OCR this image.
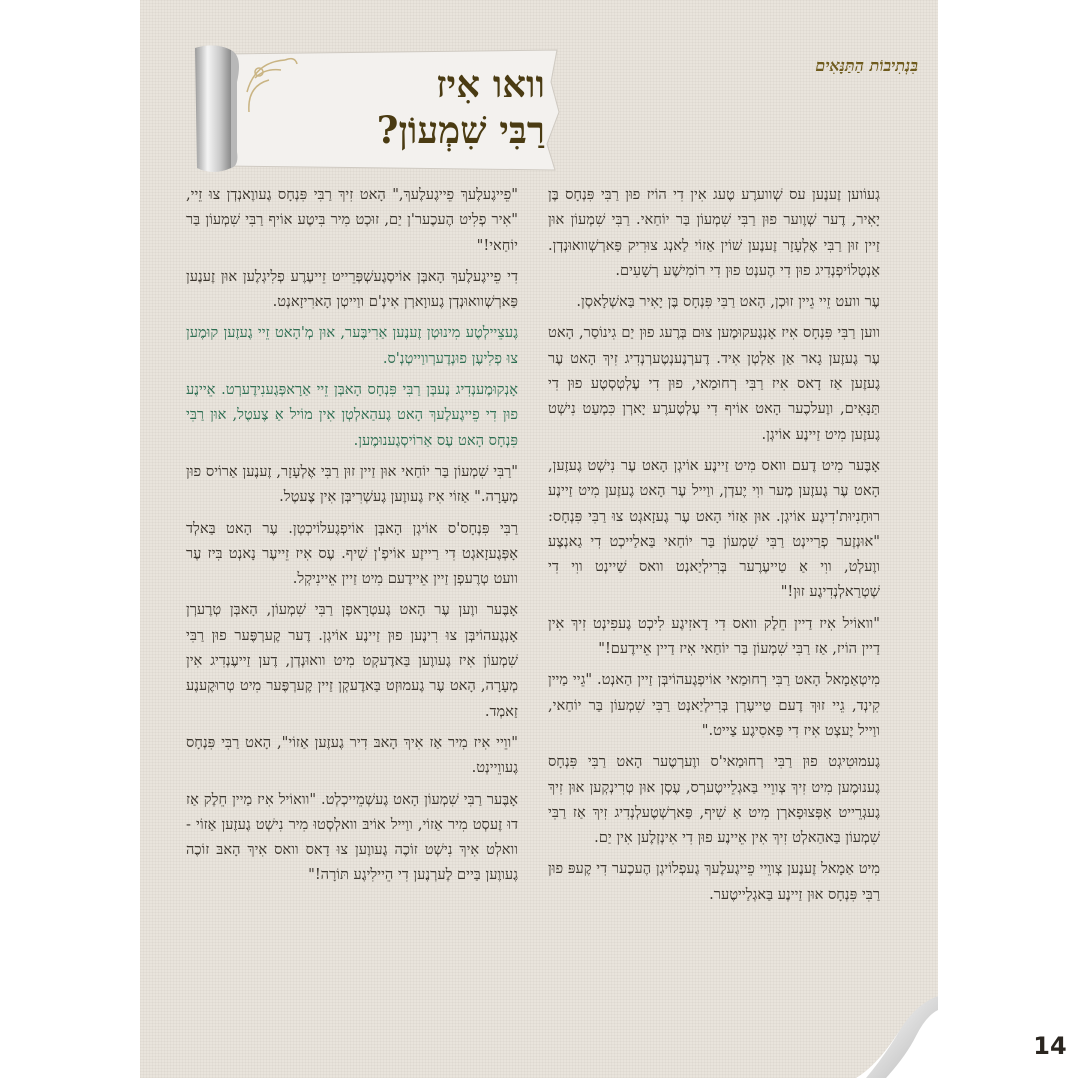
בִּנְתִיבוֹת הַתַּנָּאִים
וואו אִיז
רַבִּי שִׁמְעוֹן?

גְעוֹוען זֶענֶען עס שְׁווערֶע טֶעג אִין דִי הוֹיז פוּן רַבִּי פִּנְחָס בֶּן יָאִיר, דֶער שְׁוֶוער פוּן רַבִּי שִׁמְעוֹן בַּר יוֹחַאי. רַבִּי שִׁמְעוֹן אוּן זַיין זוּן רַבִּי אֶלְעָזָר זֶענֶען שׁוֹין אַזוֹי לַאנְג צוּרִיק פַּארְשְׁוואוּנְדְן. אַנְטְלוֹיפְנְדִיג פוּן דִי הֶענְט פוּן דִי רוֹמִישֶׁע רְשָׁעִים.

עֶר וועט זֵיי גֵיין זוּכְן, הָאט רַבִּי פִּנְחָס בֶּן יָאִיר בַּאשְׁלָאסְן.

ווען רַבִּי פִּנְחָס אִיז אָנְגֶעקוּמֶען צוּם בְּרֶעג פוּן יַם גִינוֹסַר, הָאט עֶר גֶעזֶען גָאר אַן אַלְטְן אִיד. דֶערְנֶענְטֶערְנְדִיג זִיךְ הָאט עֶר גֶעזֶען אַז דָאס אִיז רַבִּי רְחוּמַאי, פוּן דִי עֶלְטְסְטֶע פוּן דִי תַּנָּאִים, ווֶעלכֶער הָאט אוֹיף דִי עֶלְטֶערֶע יָארְן כִּמְעַט נִישְׁט גֶעזֶען מִיט זַיינֶע אוֹיגְן.

אָבֶּער מִיט דֶעם וואס מִיט זַיינֶע אוֹיגְן הָאט עֶר נִישְׁט גֶעזֶען, הָאט עֶר גֶעזֶען מֶער ווִי יֶעדְן, ווַייל עֶר הָאט גֶעזֶען מִיט זַיינֶע רוּחָנִיוּת'דִיגֶע אוֹיגְן. אוּן אַזוֹי הָאט עֶר גֶעזָאגְט צוּ רַבִּי פִּנְחָס: "אוּנְזֶער פְרַיינְט רַבִּי שִׁמְעוֹן בַּר יוֹחַאי בַּאלַייכְט דִי גַאנְצֶע ווֶעלְט, ווִי אַ טַייעֶרֶער בְּרִילְיַאנְט וואס שַׁיינְט ווִי דִי שְׁטְרַאלְנְדִיגֶע זוּן!"

"וואוֹיל אִיז דַיין חֵלֶק וואס דִי דָאזִיגֶע לִיכְט גֶעפִינְט זִיךְ אִין דַיין הוֹיז, אַז רַבִּי שִׁמְעוֹן בַּר יוֹחַאי אִיז דַיין אֵיידֶעם!"

מִיטְאַמָאל הָאט רַבִּי רְחוּמַאי אוֹיפְגֶעהוֹיבְּן זַיין הַאנְט. "גֵיי מַיין קִינְד, גֵיי זוּךְ דֶעם טַייעֶרְן בְּרִילְיַאנְט רַבִּי שִׁמְעוֹן בַּר יוֹחַאי, ווַייל יֶעצְט אִיז דִי פַּאסִיגֶע צַייט."

גֶעמוּטִיגְט פוּן רַבִּי רְחוּמַאי'ס ווֶערְטֶער הָאט רַבִּי פִּנְחָס גֶענוּמֶען מִיט זִיךְ צְווֵיי בַּאגְלֵייטֶערְס, עֶסְן אוּן טְרִינְקְען אוּן זִיךְ גֶעגְרֵייט אַפְּצוּפָארְן מִיט אַ שִׁיף, פַּארְשְׁטֶעלְנְדִיג זִיךְ אַז רַבִּי שִׁמְעוֹן בַּאהַאלְט זִיךְ אִין אֵיינֶע פוּן דִי אִינְזְלֶען אִין יַם.

מִיט אַמָאל זֶענֶען צְווֵיי פֵייגֶעלֶעךְ גֶעפְלוֹיגְן הֶעכֶער דִי קֶעפּ פוּן רַבִּי פִּנְחָס אוּן זַיינֶע בַּאגְלַייטֶער.

"פֵייגֶעלֶעךְ פֵייגֶעלֶעךְ," הָאט זִיךְ רַבִּי פִּנְחָס גֶעווֶאנְדְן צוּ זֵיי, "אִיר פְלִיט הֶעכֶער'ן יַם, זוּכְט מִיר בִּיטֶע אוֹיף רַבִּי שִׁמְעוֹן בַּר יוֹחַאי!"

דִי פֵייגֶעלֶעךְ הָאבְּן אוֹיסְגֶעשְׁפְּרֵייט זֵייעֶרֶע פְלִיגְלֶען אוּן זֶענֶען פַּארְשְׁוואוּנְדְן גֶעווָארְן אִינְ'ם ווַייטְן הָארִיזָאנְט.

גֶעצֵיילְטֶע מִינוּטְן זֶענֶען אַרִיבֶּער, אוּן מְ'הָאט זֵיי גֶעזֶען קוּמֶען צוּ פְלִיעֶן פוּנְדֶערְווַייטְנְ'ס.

אָנְקוּמֶענְדִיג נֶעבְּן רַבִּי פִּנְחָס הָאבְּן זֵיי אַרָאפְּגֶענִידֶערְט. אֵיינֶע פוּן דִי פֵייגֶעלֶעךְ הָאט גֶעהַאלְטְן אִין מוֹיל אַ צֶעטֶל, אוּן רַבִּי פִּנְחָס הָאט עֶס אַרוֹיסְגֶענוּמֶען.

"רַבִּי שִׁמְעוֹן בַּר יוֹחַאי אוּן זַיין זוּן רַבִּי אֶלְעָזָר, זֶענֶען אַרוֹיס פוּן מְעָרָה." אַזוֹי אִיז גֶעווֶען גֶעשְׁרִיבְּן אִין צֶעטֶל.

רַבִּי פִּנְחָס'ס אוֹיגְן הָאבְּן אוֹיפְגֶעלוֹיכְטְן. עֶר הָאט בַּאלְד אָפְּגֶעזָאגְט דִי רַייזֶע אוֹיפְ'ן שִׁיף. עֶס אִיז זֵייעֶר נָאנְט בִּיז עֶר וועט טְרֶעפְן זַיין אֵיידֶעם מִיט זַיין אֵיינִיקְל.

אָבֶּער ווֶען עֶר הָאט גֶעטְרָאפְן רַבִּי שִׁמְעוֹן, הָאבְּן טְרֶערְן אָנְגֶעהוֹיבְּן צוּ רִינֶען פוּן זַיינֶע אוֹיגְן. דֶער קֶערְפֶּער פוּן רַבִּי שִׁמְעוֹן אִיז גֶעווֶען בַּאדֶעקְט מִיט וואוּנְדְן, דֶען זַייעֶנְדִיג אִין מְעָרָה, הָאט עֶר גֶעמוּזְט בַּאדֶעקְן זַיין קֶערְפֶּער מִיט טְרוּקֶענֶע זַאמְד.

"ווֵיי אִיז מִיר אַז אִיךְ הָאבּ דִיר גֶעזֶען אַזוֹי", הָאט רַבִּי פִּנְחָס גֶעווֵיינְט.

אָבֶּער רַבִּי שִׁמְעוֹן הָאט גֶעשְׁמֵייכְלְט. "וואוֹיל אִיז מַיין חֵלֶק אַז דוּ זֶעסְט מִיר אַזוֹי, ווַייל אוֹיבּ וואלְסְטוּ מִיר נִישְׁט גֶעזֶען אַזוֹי - וואלְט אִיךְ נִישְׁט זוֹכֶה גֶעווֶען צוּ דָאס וואס אִיךְ הָאבּ זוֹכֶה גֶעווֶען בַּיים לֶערְנֶען דִי הֵיילִיגֶע תּוֹרָה!"

14
